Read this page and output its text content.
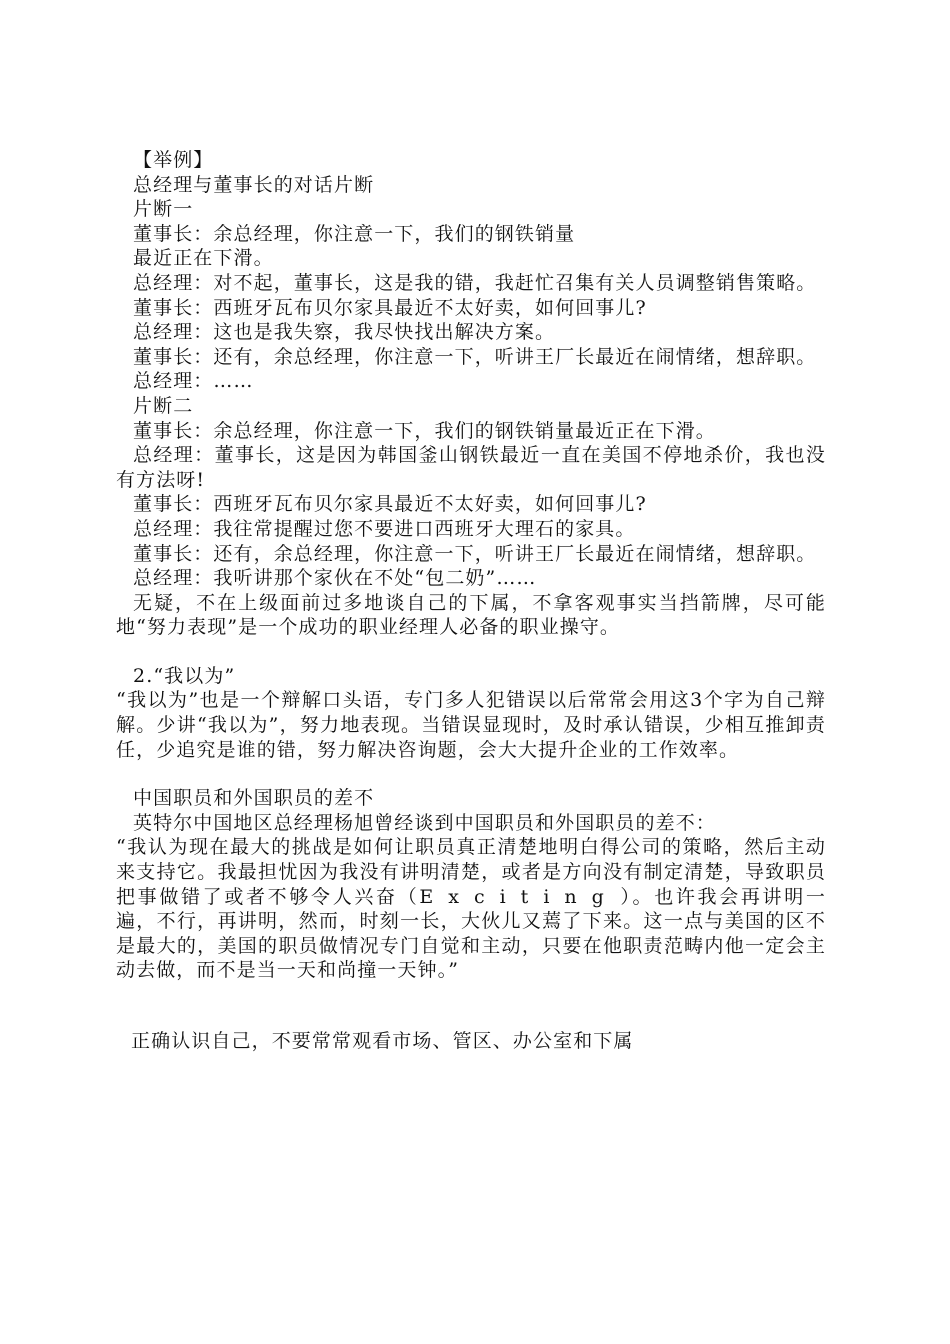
【举例】

总经理与董事长的对话片断

片断一

董事长：余总经理，你注意一下，我们的钢铁销量

最近正在下滑。

总经理：对不起，董事长，这是我的错，我赶忙召集有关人员调整销售策略。

董事长：西班牙瓦布贝尔家具最近不太好卖，如何回事儿?

总经理：这也是我失察，我尽快找出解决方案。

董事长：还有，余总经理，你注意一下，听讲王厂长最近在闹情绪，想辞职。

总经理：……

片断二

董事长：余总经理，你注意一下，我们的钢铁销量最近正在下滑。

总经理：董事长，这是因为韩国釜山钢铁最近一直在美国不停地杀价，我也没有方法呀!

董事长：西班牙瓦布贝尔家具最近不太好卖，如何回事儿?

总经理：我往常提醒过您不要进口西班牙大理石的家具。

董事长：还有，余总经理，你注意一下，听讲王厂长最近在闹情绪，想辞职。

总经理：我听讲那个家伙在不处“包二奶”……

无疑，不在上级面前过多地谈自己的下属，不拿客观事实当挡箭牌，尽可能地“努力表现”是一个成功的职业经理人必备的职业操守。

2.“我以为”

“我以为”也是一个辩解口头语，专门多人犯错误以后常常会用这3个字为自己辩解。少讲“我以为”，努力地表现。当错误显现时，及时承认错误，少相互推卸责任，少追究是谁的错，努力解决咨询题，会大大提升企业的工作效率。

中国职员和外国职员的差不

英特尔中国地区总经理杨旭曾经谈到中国职员和外国职员的差不：

“我认为现在最大的挑战是如何让职员真正清楚地明白得公司的策略，然后主动来支持它。我最担忧因为我没有讲明清楚，或者是方向没有制定清楚，导致职员把事做错了或者不够令人兴奋（Exciting）。也许我会再讲明一遍，不行，再讲明，然而，时刻一长，大伙儿又蔫了下来。这一点与美国的区不是最大的，美国的职员做情况专门自觉和主动，只要在他职责范畴内他一定会主动去做，而不是当一天和尚撞一天钟。”

正确认识自己，不要常常观看市场、管区、办公室和下属
